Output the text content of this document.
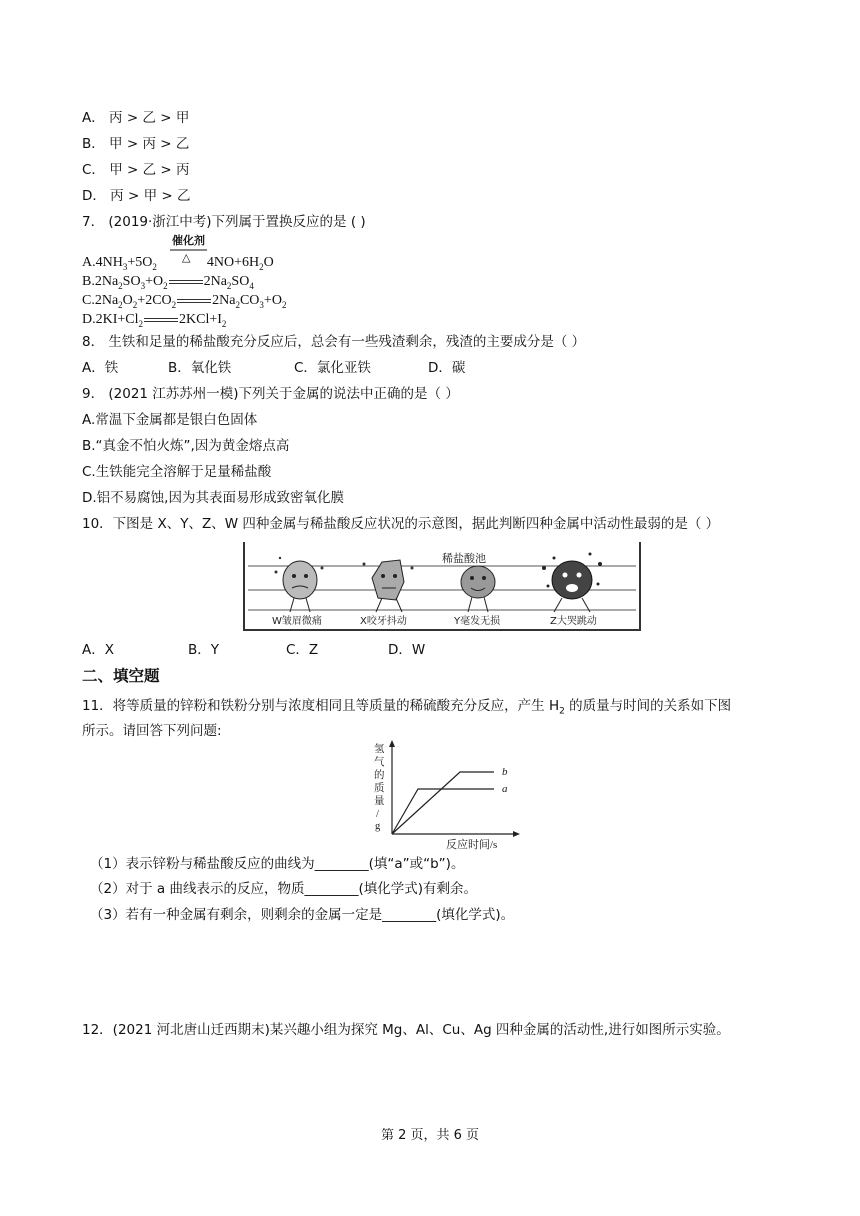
A． 丙 > 乙 > 甲
B． 甲 > 丙 > 乙
C． 甲 > 乙 > 丙
D． 丙 > 甲 > 乙
7． (2019·浙江中考)下列属于置换反应的是 ( )
催化剂
△
$A.4NH_3+5O_2$	$4NO+6H_2O$
$B.2Na_2SO_3+O_2$	$2Na_2SO_4$
$C.2Na_2O_2+2CO_2$	$2Na_2CO_3+O_2$
$D.2KI+Cl_2$	$2KCl+I_2$
8． 生铁和足量的稀盐酸充分反应后，总会有一些残渣剩余，残渣的主要成分是（ ）
A．铁	B．氧化铁	C．氯化亚铁	D．碳
9． (2021 江苏苏州一模)下列关于金属的说法中正确的是（ ）
A.常温下金属都是银白色固体
B.“真金不怕火炼”,因为黄金熔点高
C.生铁能完全溶解于足量稀盐酸
D.铝不易腐蚀,因为其表面易形成致密氧化膜
10．下图是 X、Y、Z、W 四种金属与稀盐酸反应状况的示意图，据此判断四种金属中活动性最弱的是（ ）
稀盐酸池
W皱眉微痛	X咬牙抖动	Y毫发无损	Z大哭跳动
A．X	B．Y	C．Z	D．W
二、填空题
11．将等质量的锌粉和铁粉分别与浓度相同且等质量的稀硫酸充分反应，产生 $H_2$ 的质量与时间的关系如下图
所示。请回答下列问题:
b
a
氢
气
的
质
量
/
g
反应时间/s
（1）表示锌粉与稀盐酸反应的曲线为________(填“a”或“b”)。
（2）对于 a 曲线表示的反应，物质________(填化学式)有剩余。
（3）若有一种金属有剩余，则剩余的金属一定是________(填化学式)。
12．(2021 河北唐山迁西期末)某兴趣小组为探究 Mg、Al、Cu、Ag 四种金属的活动性,进行如图所示实验。
第 2 页，共 6 页
